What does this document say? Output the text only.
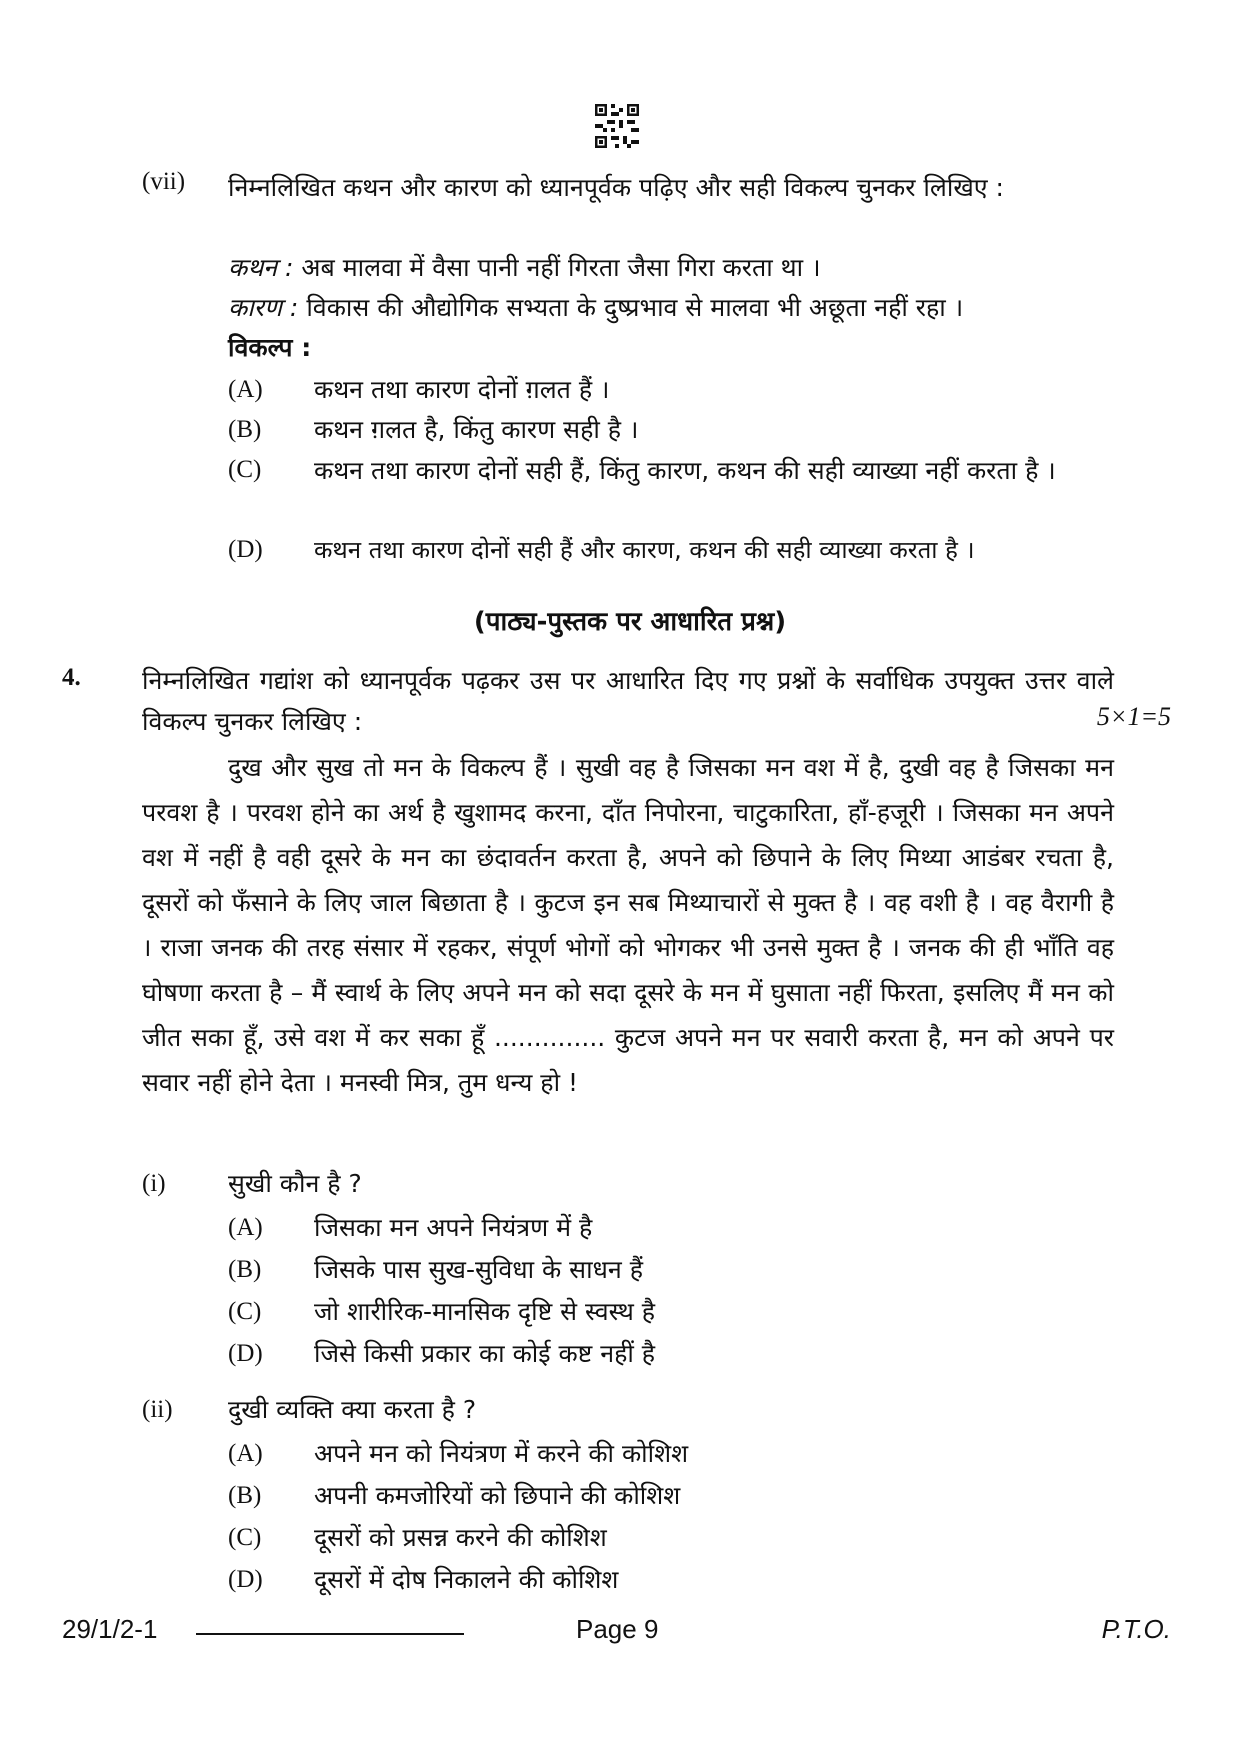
(vii) निम्नलिखित कथन और कारण को ध्यानपूर्वक पढ़िए और सही विकल्प चुनकर लिखिए :
कथन : अब मालवा में वैसा पानी नहीं गिरता जैसा गिरा करता था ।
कारण : विकास की औद्योगिक सभ्यता के दुष्प्रभाव से मालवा भी अछूता नहीं रहा ।
विकल्प :
(A) कथन तथा कारण दोनों ग़लत हैं ।
(B) कथन ग़लत है, किंतु कारण सही है ।
(C) कथन तथा कारण दोनों सही हैं, किंतु कारण, कथन की सही व्याख्या नहीं करता है ।
(D) कथन तथा कारण दोनों सही हैं और कारण, कथन की सही व्याख्या करता है ।
(पाठ्य-पुस्तक पर आधारित प्रश्न)
4. निम्नलिखित गद्यांश को ध्यानपूर्वक पढ़कर उस पर आधारित दिए गए प्रश्नों के सर्वाधिक उपयुक्त उत्तर वाले विकल्प चुनकर लिखिए :	5×1=5
दुख और सुख तो मन के विकल्प हैं । सुखी वह है जिसका मन वश में है, दुखी वह है जिसका मन परवश है । परवश होने का अर्थ है खुशामद करना, दाँत निपोरना, चाटुकारिता, हाँ-हजूरी । जिसका मन अपने वश में नहीं है वही दूसरे के मन का छंदावर्तन करता है, अपने को छिपाने के लिए मिथ्या आडंबर रचता है, दूसरों को फँसाने के लिए जाल बिछाता है । कुटज इन सब मिथ्याचारों से मुक्त है । वह वशी है । वह वैरागी है । राजा जनक की तरह संसार में रहकर, संपूर्ण भोगों को भोगकर भी उनसे मुक्त है । जनक की ही भाँति वह घोषणा करता है – मैं स्वार्थ के लिए अपने मन को सदा दूसरे के मन में घुसाता नहीं फिरता, इसलिए मैं मन को जीत सका हूँ, उसे वश में कर सका हूँ .............. कुटज अपने मन पर सवारी करता है, मन को अपने पर सवार नहीं होने देता । मनस्वी मित्र, तुम धन्य हो !
(i) सुखी कौन है ?
(A) जिसका मन अपने नियंत्रण में है
(B) जिसके पास सुख-सुविधा के साधन हैं
(C) जो शारीरिक-मानसिक दृष्टि से स्वस्थ है
(D) जिसे किसी प्रकार का कोई कष्ट नहीं है
(ii) दुखी व्यक्ति क्या करता है ?
(A) अपने मन को नियंत्रण में करने की कोशिश
(B) अपनी कमजोरियों को छिपाने की कोशिश
(C) दूसरों को प्रसन्न करने की कोशिश
(D) दूसरों में दोष निकालने की कोशिश
29/1/2-1	Page 9	P.T.O.
